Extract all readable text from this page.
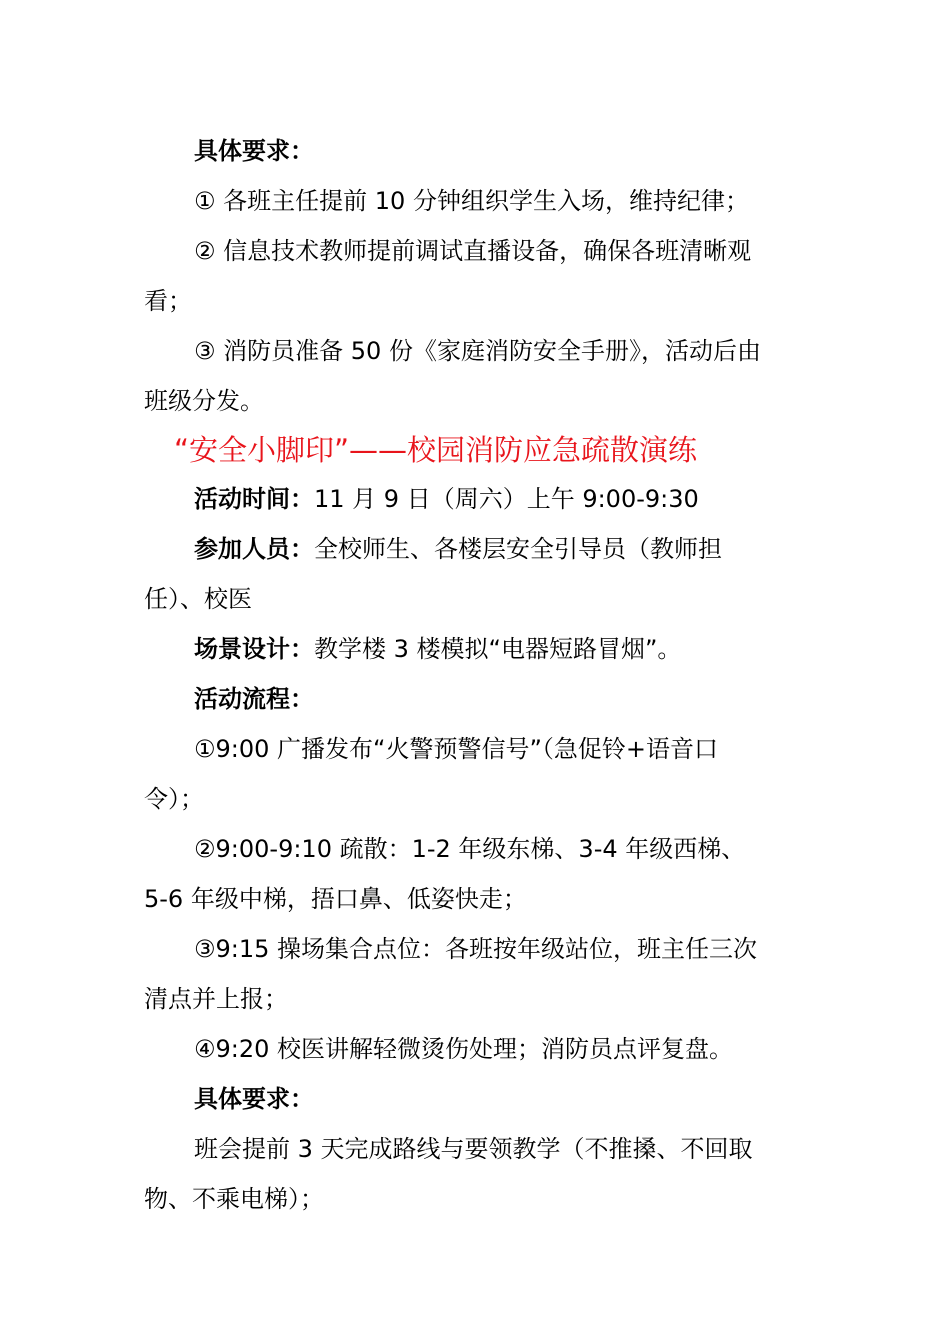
具体要求：
① 各班主任提前 10 分钟组织学生入场，维持纪律；
② 信息技术教师提前调试直播设备，确保各班清晰观
看；
③ 消防员准备 50 份《家庭消防安全手册》，活动后由
班级分发。
“安全小脚印”——校园消防应急疏散演练
活动时间：11 月 9 日（周六）上午 9:00-9:30
参加人员：全校师生、各楼层安全引导员（教师担
任）、校医
场景设计：教学楼 3 楼模拟“电器短路冒烟”。
活动流程：
①9:00 广播发布“火警预警信号”（急促铃+语音口
令）；
②9:00-9:10 疏散：1-2 年级东梯、3-4 年级西梯、
5-6 年级中梯，捂口鼻、低姿快走；
③9:15 操场集合点位：各班按年级站位，班主任三次
清点并上报；
④9:20 校医讲解轻微烫伤处理；消防员点评复盘。
具体要求：
班会提前 3 天完成路线与要领教学（不推搡、不回取
物、不乘电梯）；
